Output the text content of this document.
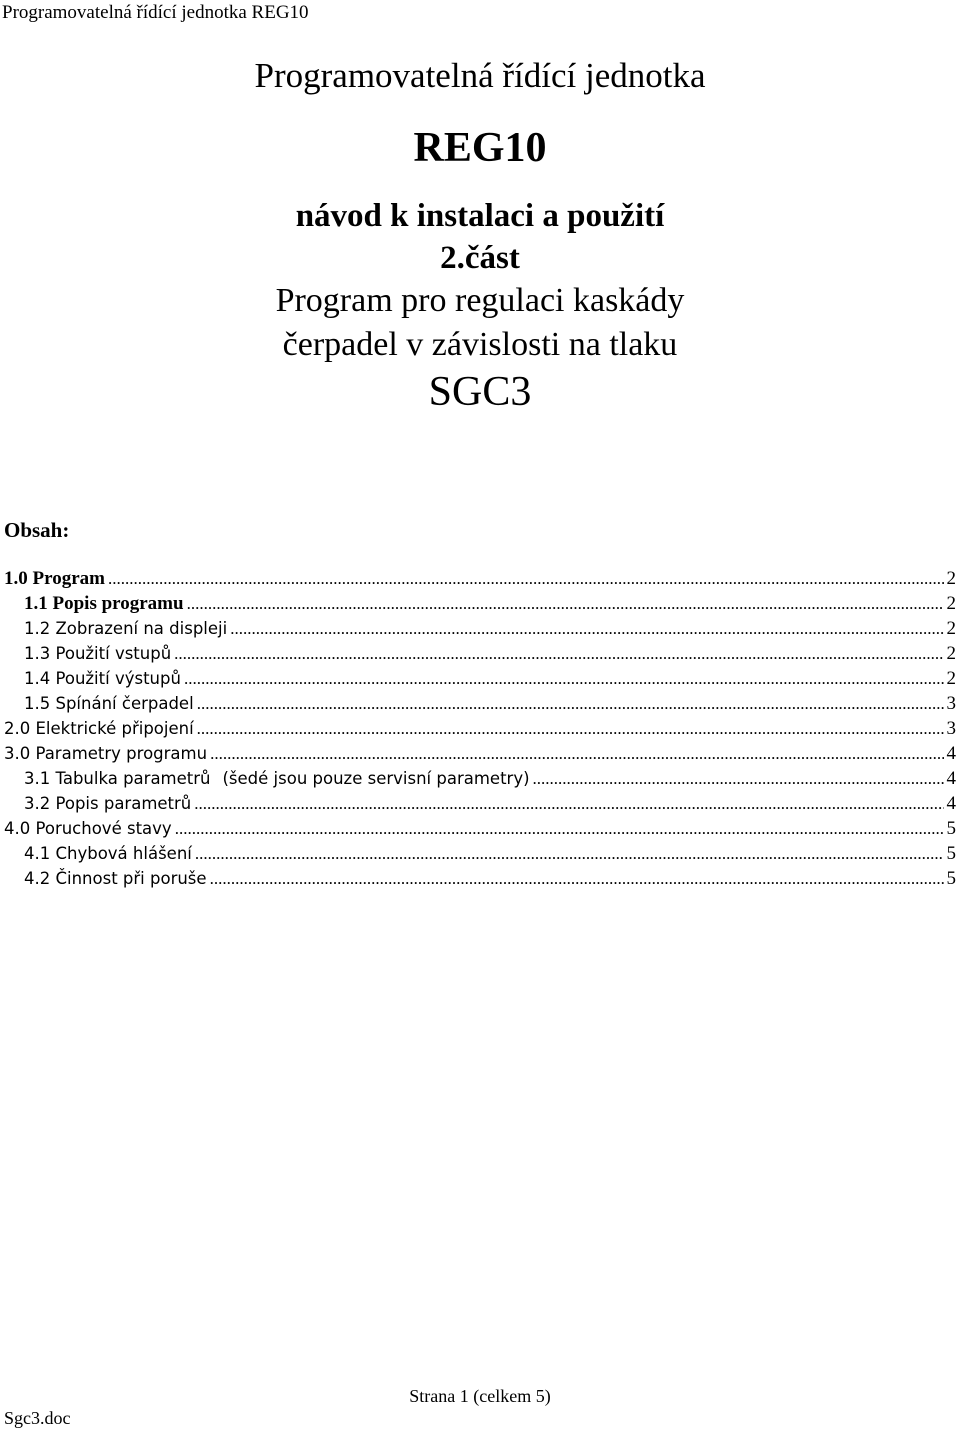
Programovatelná řídící jednotka REG10
Programovatelná řídící jednotka
REG10
návod k instalaci a použití
2.část
Program pro regulaci kaskády
čerpadel v závislosti na tlaku
SGC3
Obsah:
1.0 Program .....	2
1.1 Popis programu .....	2
1.2 Zobrazení na displeji .....	2
1.3 Použití vstupů .....	2
1.4 Použití výstupů .....	2
1.5 Spínání čerpadel .....	3
2.0 Elektrické připojení .....	3
3.0 Parametry programu .....	4
3.1 Tabulka parametrů (šedé jsou pouze servisní parametry) .....	4
3.2 Popis parametrů .....	4
4.0 Poruchové stavy .....	5
4.1 Chybová hlášení .....	5
4.2 Činnost při poruše .....	5
Strana 1 (celkem 5)
Sgc3.doc
